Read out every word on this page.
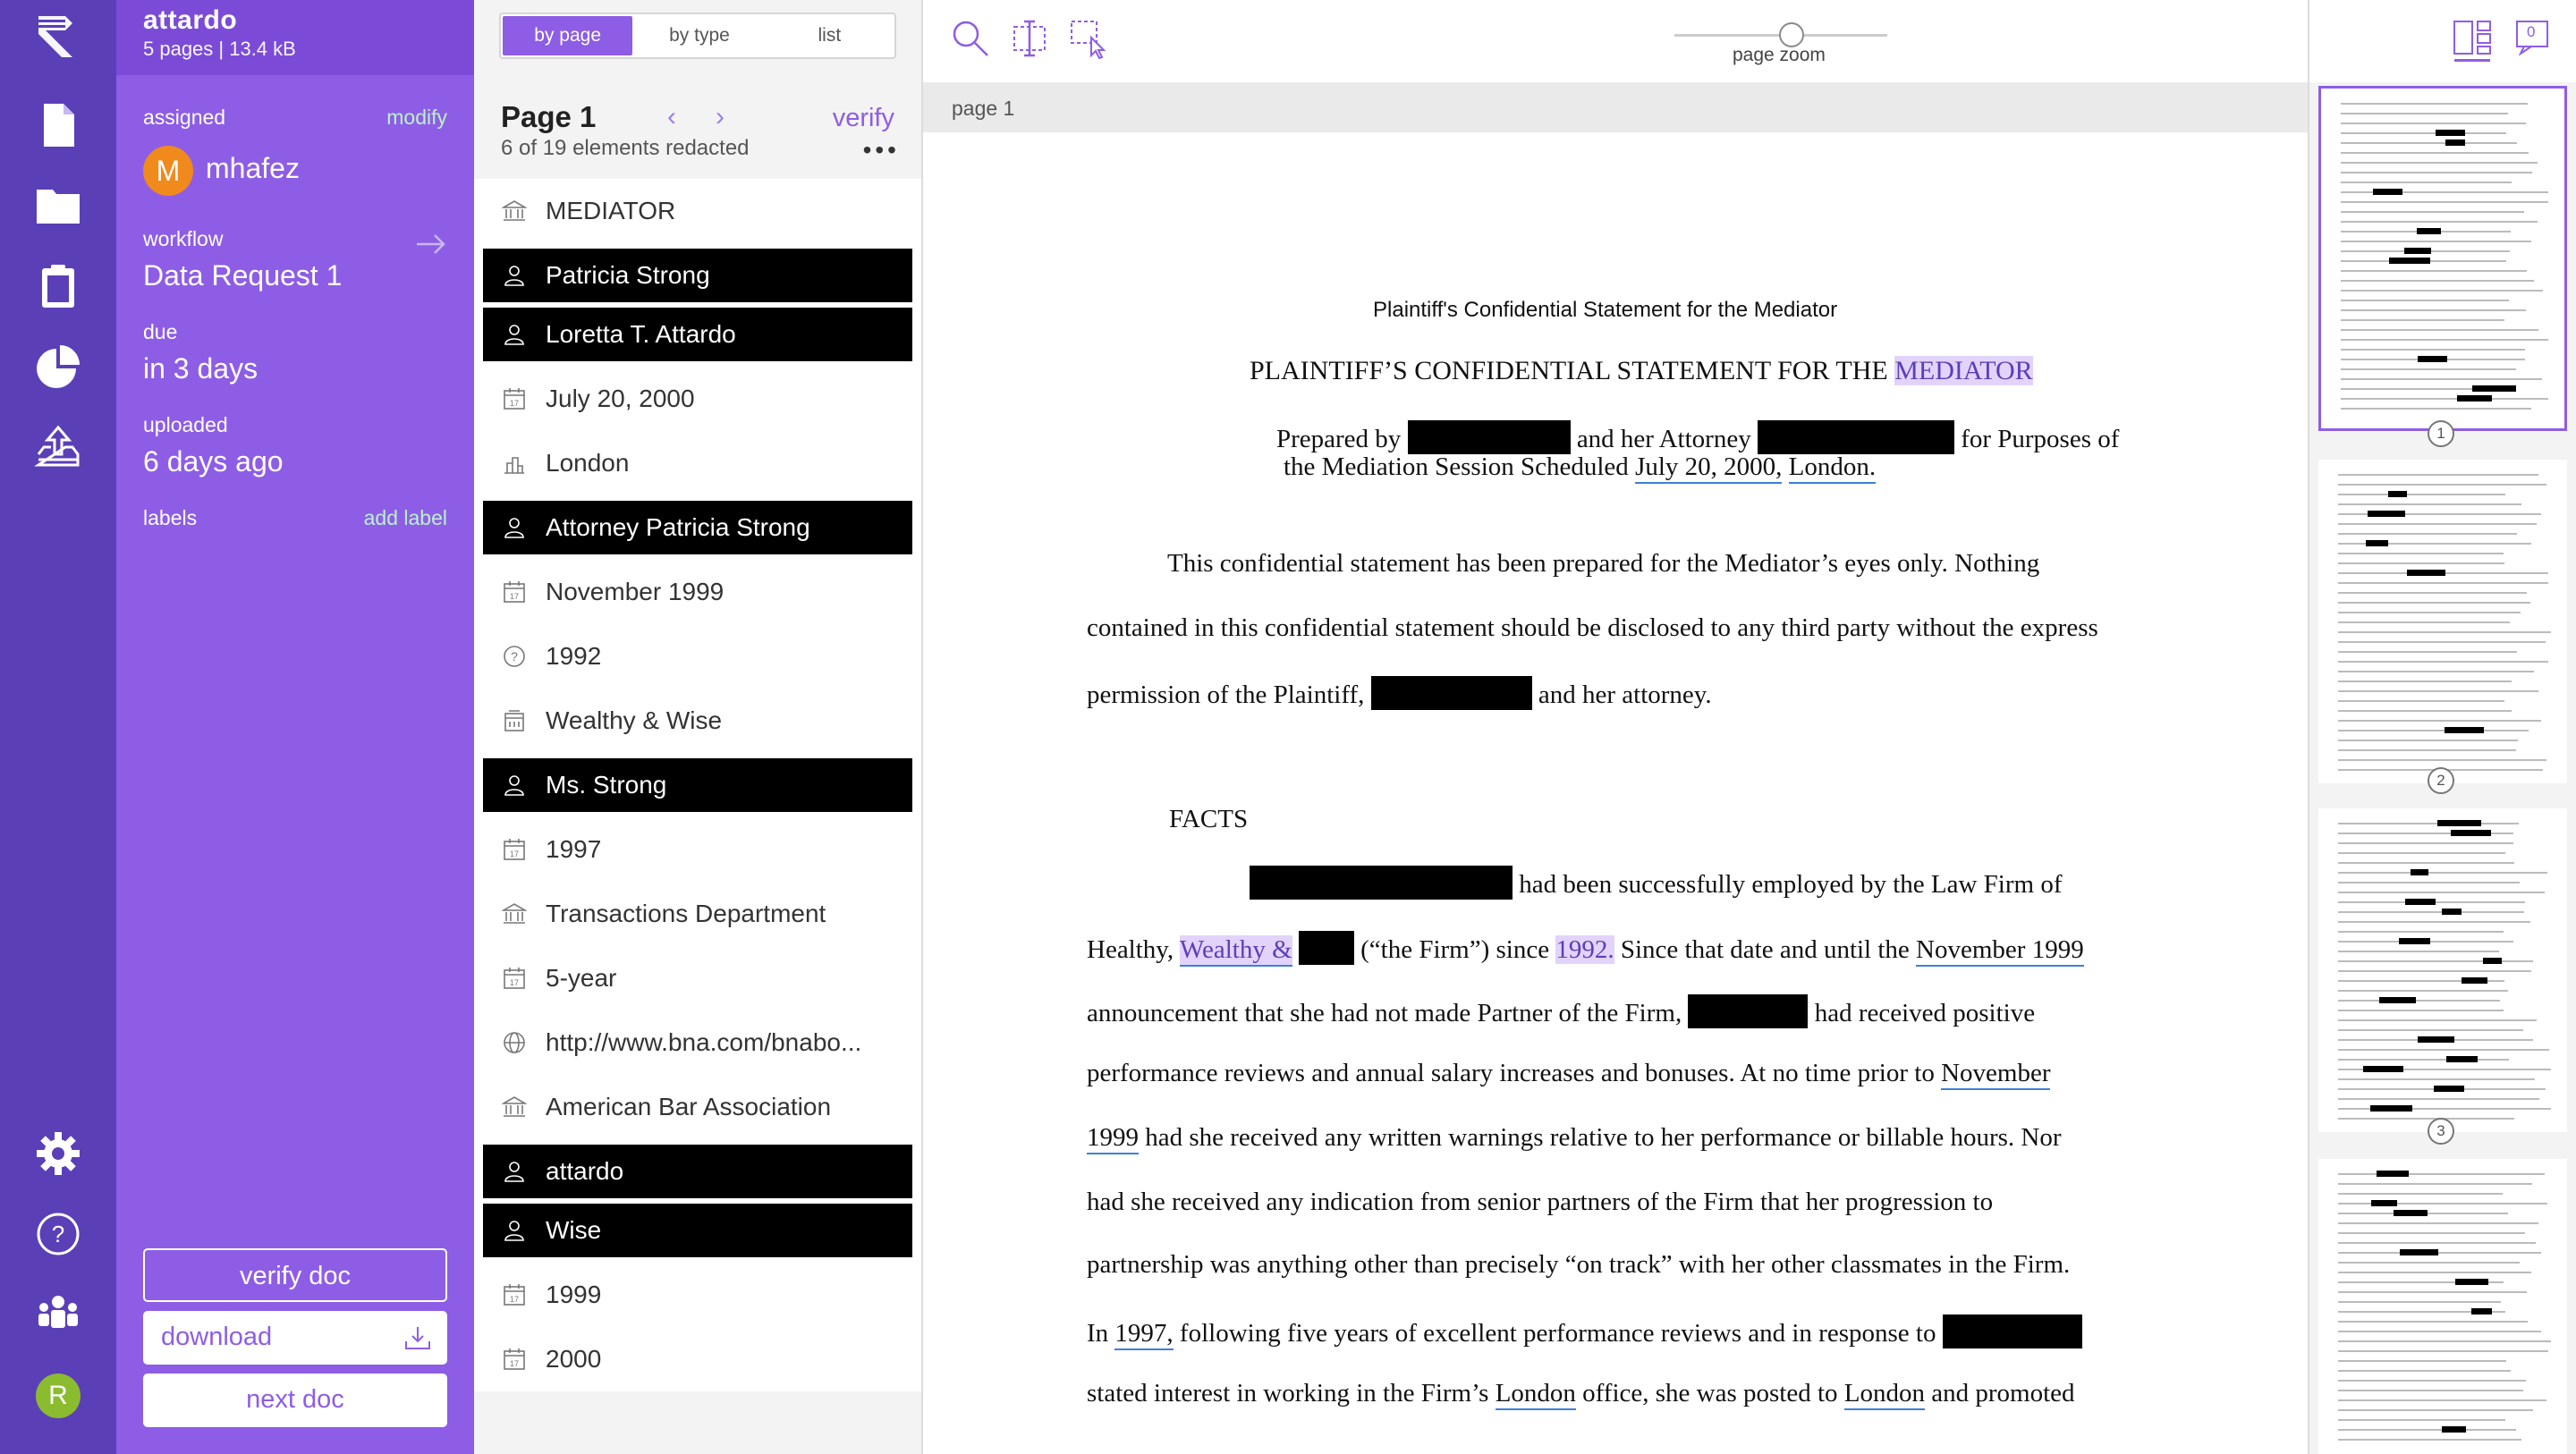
?
R
attardo
5 pages | 13.4 kB
assigned	modify
M mhafez
workflow
Data Request 1
due
in 3 days
uploaded
6 days ago
labels	add label
verify doc
download
next doc
by page	by type	list
Page 1	‹ ›	verify
6 of 19 elements redacted	•••
MEDIATOR
Patricia Strong
Loretta T. Attardo
17 July 20, 2000
London
Attorney Patricia Strong
17 November 1999
? 1992
Wealthy & Wise
Ms. Strong
17 1997
Transactions Department
17 5-year
http://www.bna.com/bnabo...
American Bar Association
attardo
Wise
17 1999
17 2000
page zoom
page 1
Plaintiff's Confidential Statement for the Mediator
PLAINTIFF’S CONFIDENTIAL STATEMENT FOR THE MEDIATOR
Prepared by	and her Attorney	for Purposes of
the Mediation Session Scheduled July 20, 2000, London.
This confidential statement has been prepared for the Mediator’s eyes only. Nothing
contained in this confidential statement should be disclosed to any third party without the express
permission of the Plaintiff,	and her attorney.
FACTS
had been successfully employed by the Law Firm of
Healthy, Wealthy &	(“the Firm”) since 1992. Since that date and until the November 1999
announcement that she had not made Partner of the Firm,	had received positive
performance reviews and annual salary increases and bonuses. At no time prior to November
1999 had she received any written warnings relative to her performance or billable hours. Nor
had she received any indication from senior partners of the Firm that her progression to
partnership was anything other than precisely “on track” with her other classmates in the Firm.
In 1997, following five years of excellent performance reviews and in response to
stated interest in working in the Firm’s London office, she was posted to London and promoted
0
1
2
3
